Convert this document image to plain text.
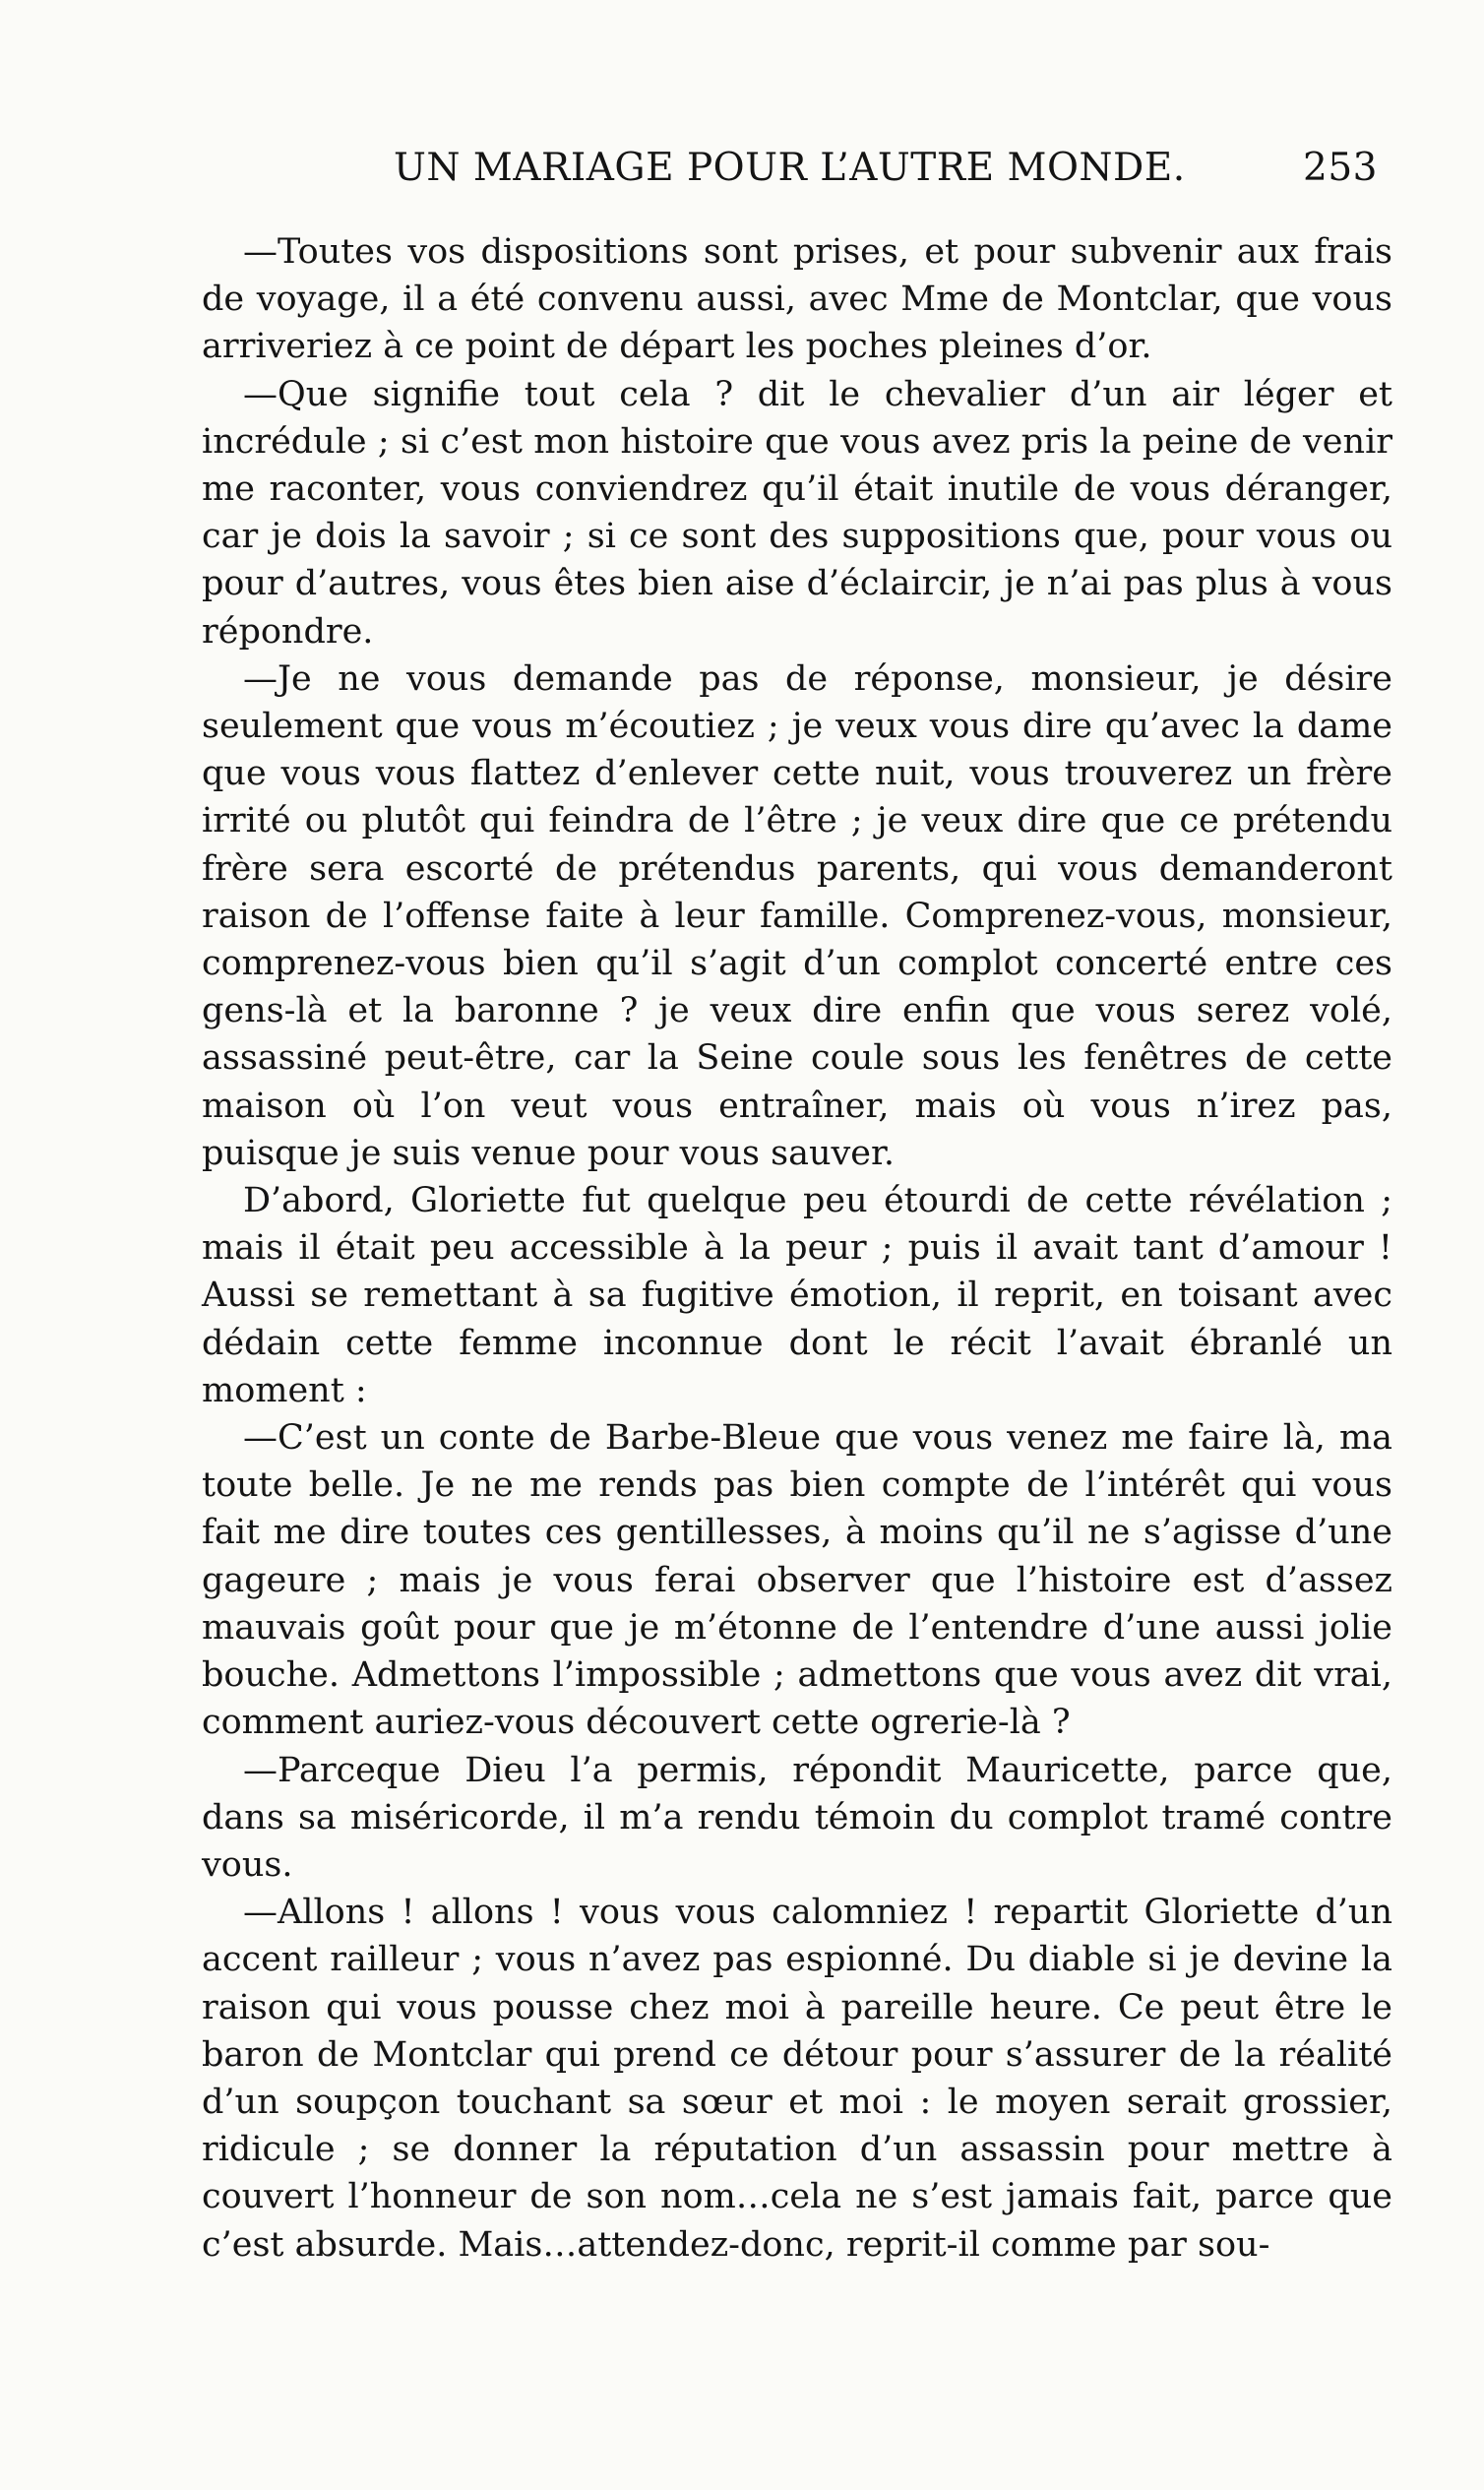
UN MARIAGE POUR L’AUTRE MONDE.	253

—Toutes vos dispositions sont prises, et pour subvenir aux frais de voyage, il a été convenu aussi, avec Mme de Montclar, que vous arriveriez à ce point de départ les poches pleines d’or.

—Que signifie tout cela ? dit le chevalier d’un air léger et incrédule ; si c’est mon histoire que vous avez pris la peine de venir me raconter, vous conviendrez qu’il était inutile de vous déranger, car je dois la savoir ; si ce sont des suppositions que, pour vous ou pour d’autres, vous êtes bien aise d’éclaircir, je n’ai pas plus à vous répondre.

—Je ne vous demande pas de réponse, monsieur, je désire seulement que vous m’écoutiez ; je veux vous dire qu’avec la dame que vous vous flattez d’enlever cette nuit, vous trouverez un frère irrité ou plutôt qui feindra de l’être ; je veux dire que ce prétendu frère sera escorté de prétendus parents, qui vous demanderont raison de l’offense faite à leur famille. Comprenez-vous, monsieur, comprenez-vous bien qu’il s’agit d’un complot concerté entre ces gens-là et la baronne ? je veux dire enfin que vous serez volé, assassiné peut-être, car la Seine coule sous les fenêtres de cette maison où l’on veut vous entraîner, mais où vous n’irez pas, puisque je suis venue pour vous sauver.

D’abord, Gloriette fut quelque peu étourdi de cette révélation ; mais il était peu accessible à la peur ; puis il avait tant d’amour ! Aussi se remettant à sa fugitive émotion, il reprit, en toisant avec dédain cette femme inconnue dont le récit l’avait ébranlé un moment :

—C’est un conte de Barbe-Bleue que vous venez me faire là, ma toute belle. Je ne me rends pas bien compte de l’intérêt qui vous fait me dire toutes ces gentillesses, à moins qu’il ne s’agisse d’une gageure ; mais je vous ferai observer que l’histoire est d’assez mauvais goût pour que je m’étonne de l’entendre d’une aussi jolie bouche. Admettons l’impossible ; admettons que vous avez dit vrai, comment auriez-vous découvert cette ogrerie-là ?

—Parceque Dieu l’a permis, répondit Mauricette, parce que, dans sa miséricorde, il m’a rendu témoin du complot tramé contre vous.

—Allons ! allons ! vous vous calomniez ! repartit Gloriette d’un accent railleur ; vous n’avez pas espionné. Du diable si je devine la raison qui vous pousse chez moi à pareille heure. Ce peut être le baron de Montclar qui prend ce détour pour s’assurer de la réalité d’un soupçon touchant sa sœur et moi : le moyen serait grossier, ridicule ; se donner la réputation d’un assassin pour mettre à couvert l’honneur de son nom…cela ne s’est jamais fait, parce que c’est absurde. Mais…attendez-donc, reprit-il comme par sou-
